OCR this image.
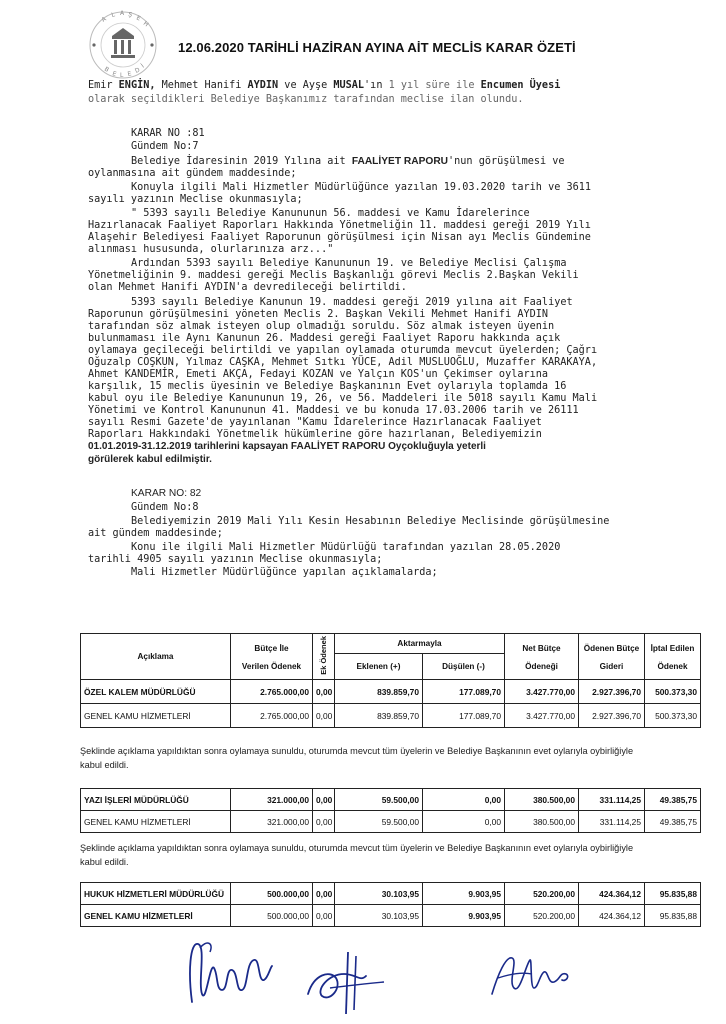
A
L A Ş E
H
B
E L E D
İ
12.06.2020 TARİHLİ HAZİRAN AYINA AİT MECLİS KARAR ÖZETİ
Emir ENGİN, Mehmet Hanifi AYDIN ve Ayşe MUSAL'ın 1 yıl süre ile Encumen Üyesi
olarak seçildikleri Belediye Başkanımız tarafından meclise ilan olundu.
KARAR NO :81
Gündem No:7
Belediye İdaresinin 2019 Yılına ait FAALİYET RAPORU'nun görüşülmesi ve
oylanmasına ait gündem maddesinde;
Konuyla ilgili Mali Hizmetler Müdürlüğünce yazılan 19.03.2020 tarih ve 3611
sayılı yazının Meclise okunmasıyla;
" 5393 sayılı Belediye Kanununun 56. maddesi ve Kamu İdarelerince
Hazırlanacak Faaliyet Raporları Hakkında Yönetmeliğin 11. maddesi gereği 2019 Yılı
Alaşehir Belediyesi Faaliyet Raporunun görüşülmesi için Nisan ayı Meclis Gündemine
alınması hususunda, olurlarınıza arz..."
Ardından 5393 sayılı Belediye Kanununun 19. ve Belediye Meclisi Çalışma
Yönetmeliğinin 9. maddesi gereği Meclis Başkanlığı görevi Meclis 2.Başkan Vekili
olan Mehmet Hanifi AYDIN'a devredileceği belirtildi.
5393 sayılı Belediye Kanunun 19. maddesi gereği 2019 yılına ait Faaliyet
Raporunun görüşülmesini yöneten Meclis 2. Başkan Vekili Mehmet Hanifi AYDIN
tarafından söz almak isteyen olup olmadığı soruldu. Söz almak isteyen üyenin
bulunmaması ile Aynı Kanunun 26. Maddesi gereği Faaliyet Raporu hakkında açık
oylamaya geçileceği belirtildi ve yapılan oylamada oturumda mevcut üyelerden; Çağrı
Oğuzalp COŞKUN, Yılmaz CAŞKA, Mehmet Sıtkı YÜCE, Adil MUSLUOĞLU, Muzaffer KARAKAYA,
Ahmet KANDEMİR, Emeti AKÇA, Fedayi KOZAN ve Yalçın KOS'un Çekimser oylarına
karşılık, 15 meclis üyesinin ve Belediye Başkanının Evet oylarıyla toplamda 16
kabul oyu ile Belediye Kanununun 19, 26, ve 56. Maddeleri ile 5018 sayılı Kamu Mali
Yönetimi ve Kontrol Kanununun 41. Maddesi ve bu konuda 17.03.2006 tarih ve 26111
sayılı Resmi Gazete'de yayınlanan "Kamu İdarelerince Hazırlanacak Faaliyet
Raporları Hakkındaki Yönetmelik hükümlerine göre hazırlanan, Belediyemizin
01.01.2019-31.12.2019 tarihlerini kapsayan FAALİYET RAPORU Oyçokluğuyla yeterli
görülerek kabul edilmiştir.
KARAR NO: 82
Gündem No:8
Belediyemizin 2019 Mali Yılı Kesin Hesabının Belediye Meclisinde görüşülmesine
ait gündem maddesinde;
Konu ile ilgili Mali Hizmetler Müdürlüğü tarafından yazılan 28.05.2020
tarihli 4905 sayılı yazının Meclise okunmasıyla;
Mali Hizmetler Müdürlüğünce yapılan açıklamalarda;
Açıklama	Bütçe İle	Ek Ödenek	Aktarmayla		Net Bütçe	Ödenen Bütçe	İptal Edilen
	Verilen Ödenek		Eklenen (+)	Düşülen (-)	Ödeneği	Gideri	Ödenek
ÖZEL KALEM MÜDÜRLÜĞÜ	2.765.000,00	0,00	839.859,70	177.089,70	3.427.770,00	2.927.396,70	500.373,30
GENEL KAMU HİZMETLERİ	2.765.000,00	0,00	839.859,70	177.089,70	3.427.770,00	2.927.396,70	500.373,30
Şeklinde açıklama yapıldıktan sonra oylamaya sunuldu, oturumda mevcut tüm üyelerin ve Belediye Başkanının evet oylarıyla oybirliğiyle
kabul edildi.
YAZI İŞLERİ MÜDÜRLÜĞÜ	321.000,00	0,00	59.500,00	0,00	380.500,00	331.114,25	49.385,75
GENEL KAMU HİZMETLERİ	321.000,00	0,00	59.500,00	0,00	380.500,00	331.114,25	49.385,75
Şeklinde açıklama yapıldıktan sonra oylamaya sunuldu, oturumda mevcut tüm üyelerin ve Belediye Başkanının evet oylarıyla oybirliğiyle
kabul edildi.
HUKUK HİZMETLERİ MÜDÜRLÜĞÜ	500.000,00	0,00	30.103,95	9.903,95	520.200,00	424.364,12	95.835,88
GENEL KAMU HİZMETLERİ	500.000,00	0,00	30.103,95	9.903,95	520.200,00	424.364,12	95.835,88
